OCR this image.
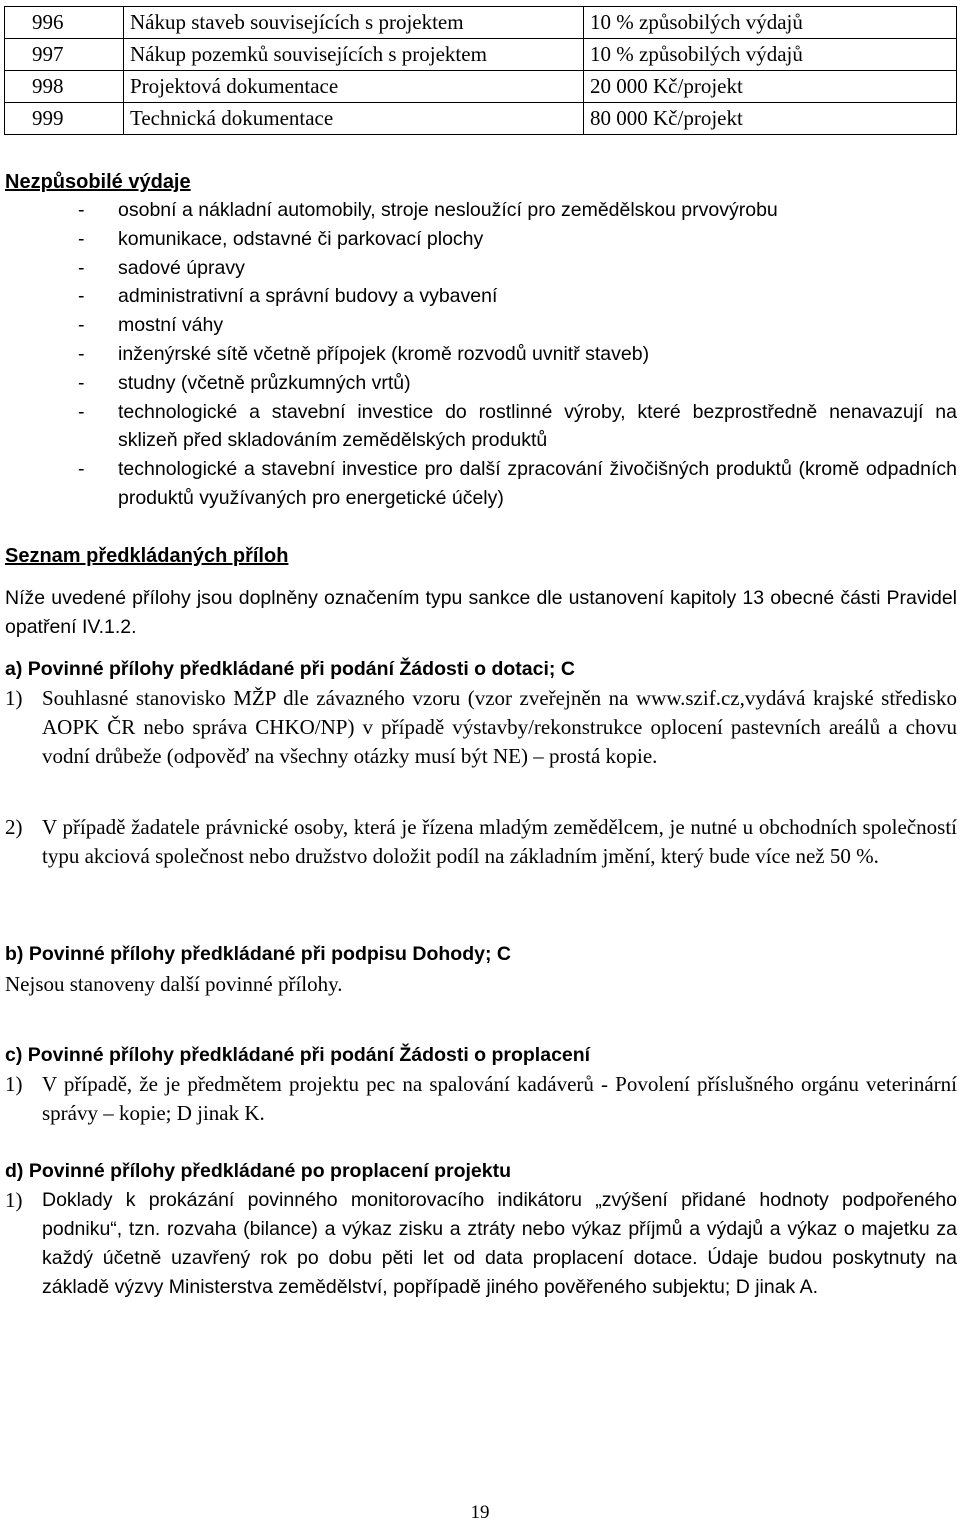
996	Nákup staveb souvisejících s projektem	10 % způsobilých výdajů
997	Nákup pozemků souvisejících s projektem	10 % způsobilých výdajů
998	Projektová dokumentace	20 000 Kč/projekt
999	Technická dokumentace	80 000 Kč/projekt
Nezpůsobilé výdaje
- osobní a nákladní automobily, stroje nesloužící pro zemědělskou prvovýrobu
- komunikace, odstavné či parkovací plochy
- sadové úpravy
- administrativní a správní budovy a vybavení
- mostní váhy
- inženýrské sítě včetně přípojek (kromě rozvodů uvnitř staveb)
- studny (včetně průzkumných vrtů)
- technologické a stavební investice do rostlinné výroby, které bezprostředně nenavazují na sklizeň před skladováním zemědělských produktů
- technologické a stavební investice pro další zpracování živočišných produktů (kromě odpadních produktů využívaných pro energetické účely)
Seznam předkládaných příloh
Níže uvedené přílohy jsou doplněny označením typu sankce dle ustanovení kapitoly 13 obecné části Pravidel opatření IV.1.2.
a) Povinné přílohy předkládané při podání Žádosti o dotaci; C
1) Souhlasné stanovisko MŽP dle závazného vzoru (vzor zveřejněn na www.szif.cz,vydává krajské středisko AOPK ČR nebo správa CHKO/NP) v případě výstavby/rekonstrukce oplocení pastevních areálů a chovu vodní drůbeže (odpověď na všechny otázky musí být NE) – prostá kopie.
2) V případě žadatele právnické osoby, která je řízena mladým zemědělcem, je nutné u obchodních společností typu akciová společnost nebo družstvo doložit podíl na základním jmění, který bude více než 50 %.
b) Povinné přílohy předkládané při podpisu Dohody; C
Nejsou stanoveny další povinné přílohy.
c) Povinné přílohy předkládané při podání Žádosti o proplacení
1) V případě, že je předmětem projektu pec na spalování kadáverů - Povolení příslušného orgánu veterinární správy – kopie; D jinak K.
d) Povinné přílohy předkládané po proplacení projektu
1) Doklady k prokázání povinného monitorovacího indikátoru „zvýšení přidané hodnoty podpořeného podniku“, tzn. rozvaha (bilance) a výkaz zisku a ztráty nebo výkaz příjmů a výdajů a výkaz o majetku za každý účetně uzavřený rok po dobu pěti let od data proplacení dotace. Údaje budou poskytnuty na základě výzvy Ministerstva zemědělství, popřípadě jiného pověřeného subjektu; D jinak A.
19
